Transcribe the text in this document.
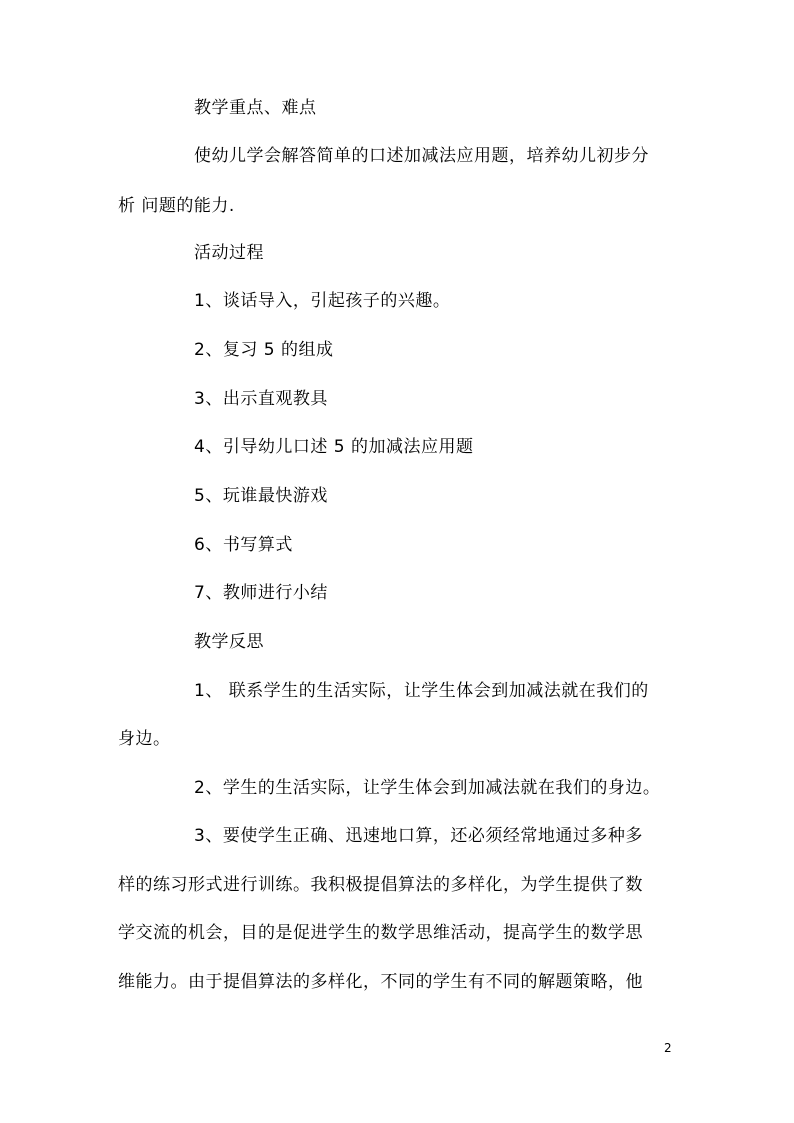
教学重点、难点
使幼儿学会解答简单的口述加减法应用题，培养幼儿初步分
析 问题的能力.
活动过程
1、谈话导入，引起孩子的兴趣。
2、复习 5 的组成
3、出示直观教具
4、引导幼儿口述 5 的加减法应用题
5、玩谁最快游戏
6、书写算式
7、教师进行小结
教学反思
1、 联系学生的生活实际，让学生体会到加减法就在我们的
身边。
2、学生的生活实际，让学生体会到加减法就在我们的身边。
3、要使学生正确、迅速地口算，还必须经常地通过多种多
样的练习形式进行训练。我积极提倡算法的多样化，为学生提供了数
学交流的机会，目的是促进学生的数学思维活动，提高学生的数学思
维能力。由于提倡算法的多样化，不同的学生有不同的解题策略，他
2
